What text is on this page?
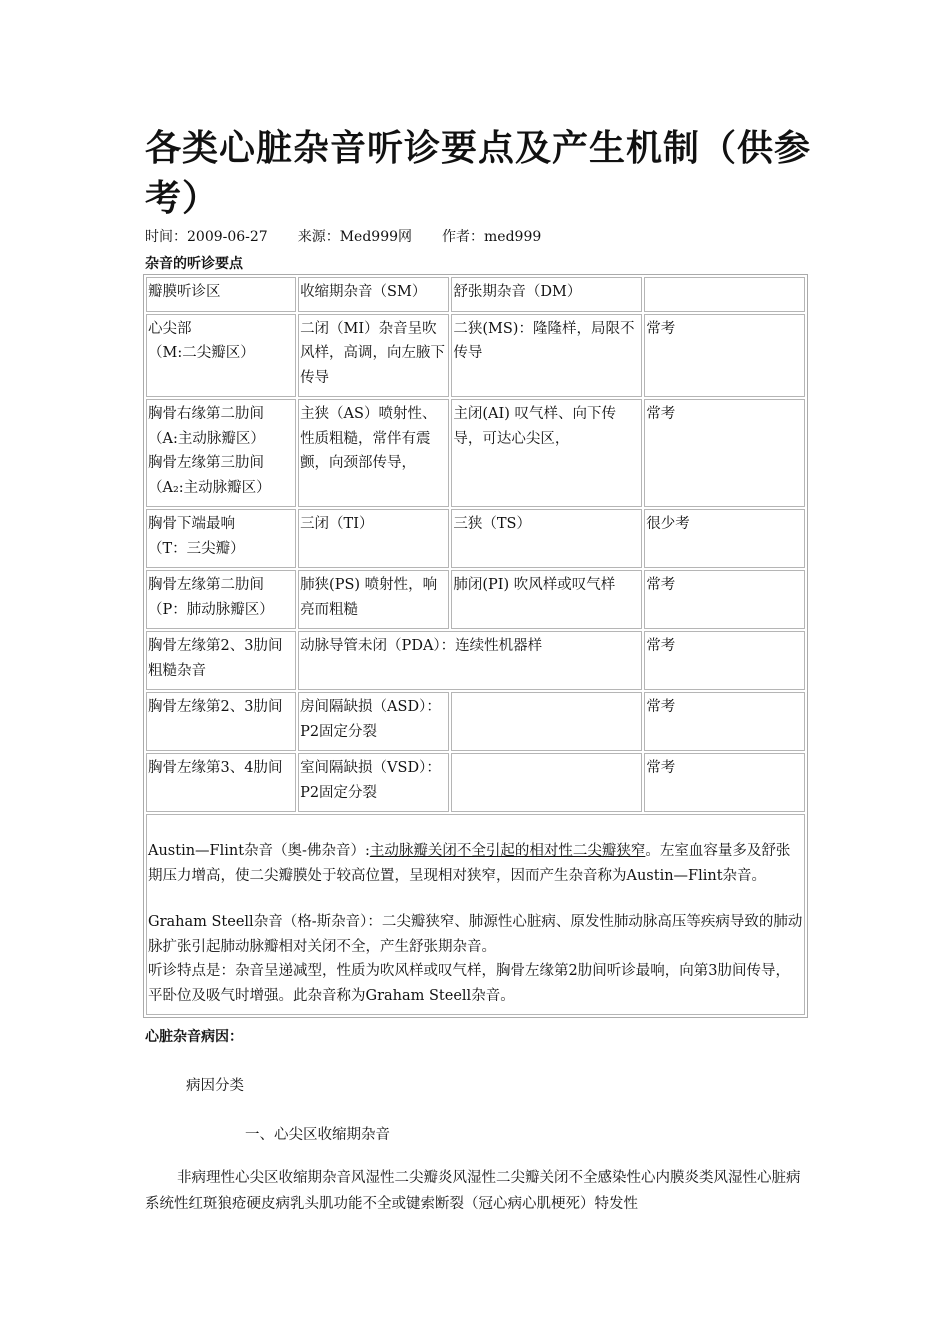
各类心脏杂音听诊要点及产生机制（供参考）
时间：2009-06-27 来源：Med999网 作者：med999
杂音的听诊要点
瓣膜听诊区	收缩期杂音（SM）	舒张期杂音（DM）	

心尖部
（M:二尖瓣区）	二闭（MI）杂音呈吹风样，高调，向左腋下传导	二狭(MS)：隆隆样，局限不传导	常考

胸骨右缘第二肋间
（A:主动脉瓣区）
胸骨左缘第三肋间
（A₂:主动脉瓣区）	主狭（AS）喷射性、性质粗糙，常伴有震颤，向颈部传导，	主闭(AI) 叹气样、向下传导，可达心尖区，	常考

胸骨下端最响
（T：三尖瓣）	三闭（TI）	三狭（TS）	很少考

胸骨左缘第二肋间
（P：肺动脉瓣区）	肺狭(PS) 喷射性，响亮而粗糙	肺闭(PI) 吹风样或叹气样	常考
胸骨左缘第2、3肋间粗糙杂音	动脉导管未闭（PDA）：连续性机器样		常考
胸骨左缘第2、3肋间	房间隔缺损（ASD）：P2固定分裂		常考
胸骨左缘第3、4肋间	室间隔缺损（VSD）：P2固定分裂		常考

Austin—Flint杂音（奥-佛杂音）:主动脉瓣关闭不全引起的相对性二尖瓣狭窄。左室血容量多及舒张期压力增高，使二尖瓣膜处于较高位置，呈现相对狭窄，因而产生杂音称为Austin—Flint杂音。
Graham Steell杂音（格-斯杂音）：二尖瓣狭窄、肺源性心脏病、原发性肺动脉高压等疾病导致的肺动脉扩张引起肺动脉瓣相对关闭不全，产生舒张期杂音。
听诊特点是：杂音呈递减型，性质为吹风样或叹气样，胸骨左缘第2肋间听诊最响，向第3肋间传导，平卧位及吸气时增强。此杂音称为Graham Steell杂音。			
心脏杂音病因：
病因分类
一、心尖区收缩期杂音
非病理性心尖区收缩期杂音风湿性二尖瓣炎风湿性二尖瓣关闭不全感染性心内膜炎类风湿性心脏病系统性红斑狼疮硬皮病乳头肌功能不全或键索断裂（冠心病心肌梗死）特发性
